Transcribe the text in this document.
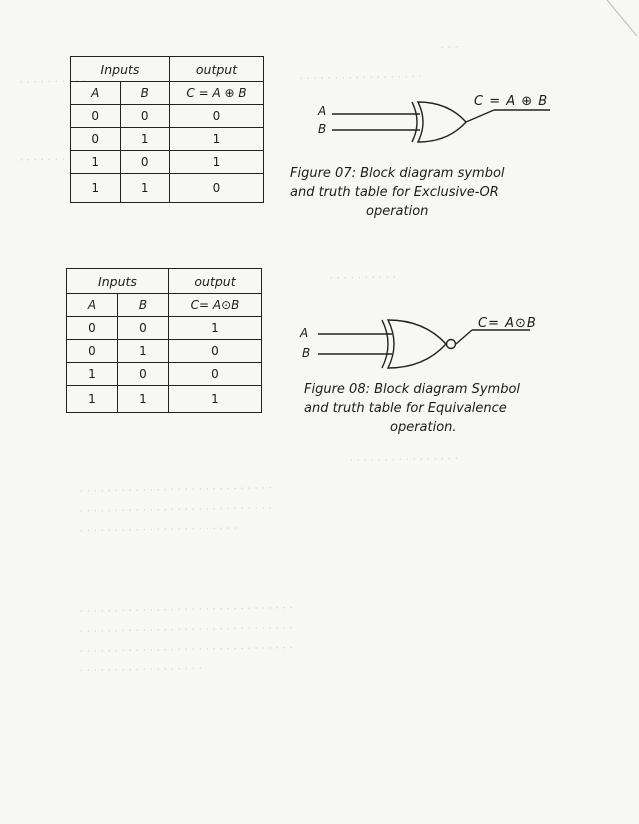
- - -
. . . . . . . . . . . . . . . . . .
. . . . . . . . . .
. . . . . . . .
. . . . . . . . . .
. . . . . . . . . . . . . . . .
. . . . . . . . . . . . . . . . . . . . . . . . . . . .
. . . . . . . . . . . . . . . . . . . . . . . . . . . .
. . . . . . . . . . . . . . . . . . . . . . .
. . . . . . . . . . . . . . . . . . . . . . . . . . . . . . .
. . . . . . . . . . . . . . . . . . . . . . . . . . . . . . .
. . . . . . . . . . . . . . . . . . . . . . . . . . . . . . .
. . . . . . . . . . . . . . . . . .
Inputs		output
A	B	C = A ⊕ B
0	0	0
0	1	1
1	0	1
1	1	0
A
B
C = A ⊕ B
Figure 07: Block diagram symbol
and truth table for Exclusive-OR
operation
Inputs		output
A	B	C= A⊙B
0	0	1
0	1	0
1	0	0
1	1	1
A
B
C= A⊙B
Figure 08: Block diagram Symbol
and truth table for Equivalence
operation.
